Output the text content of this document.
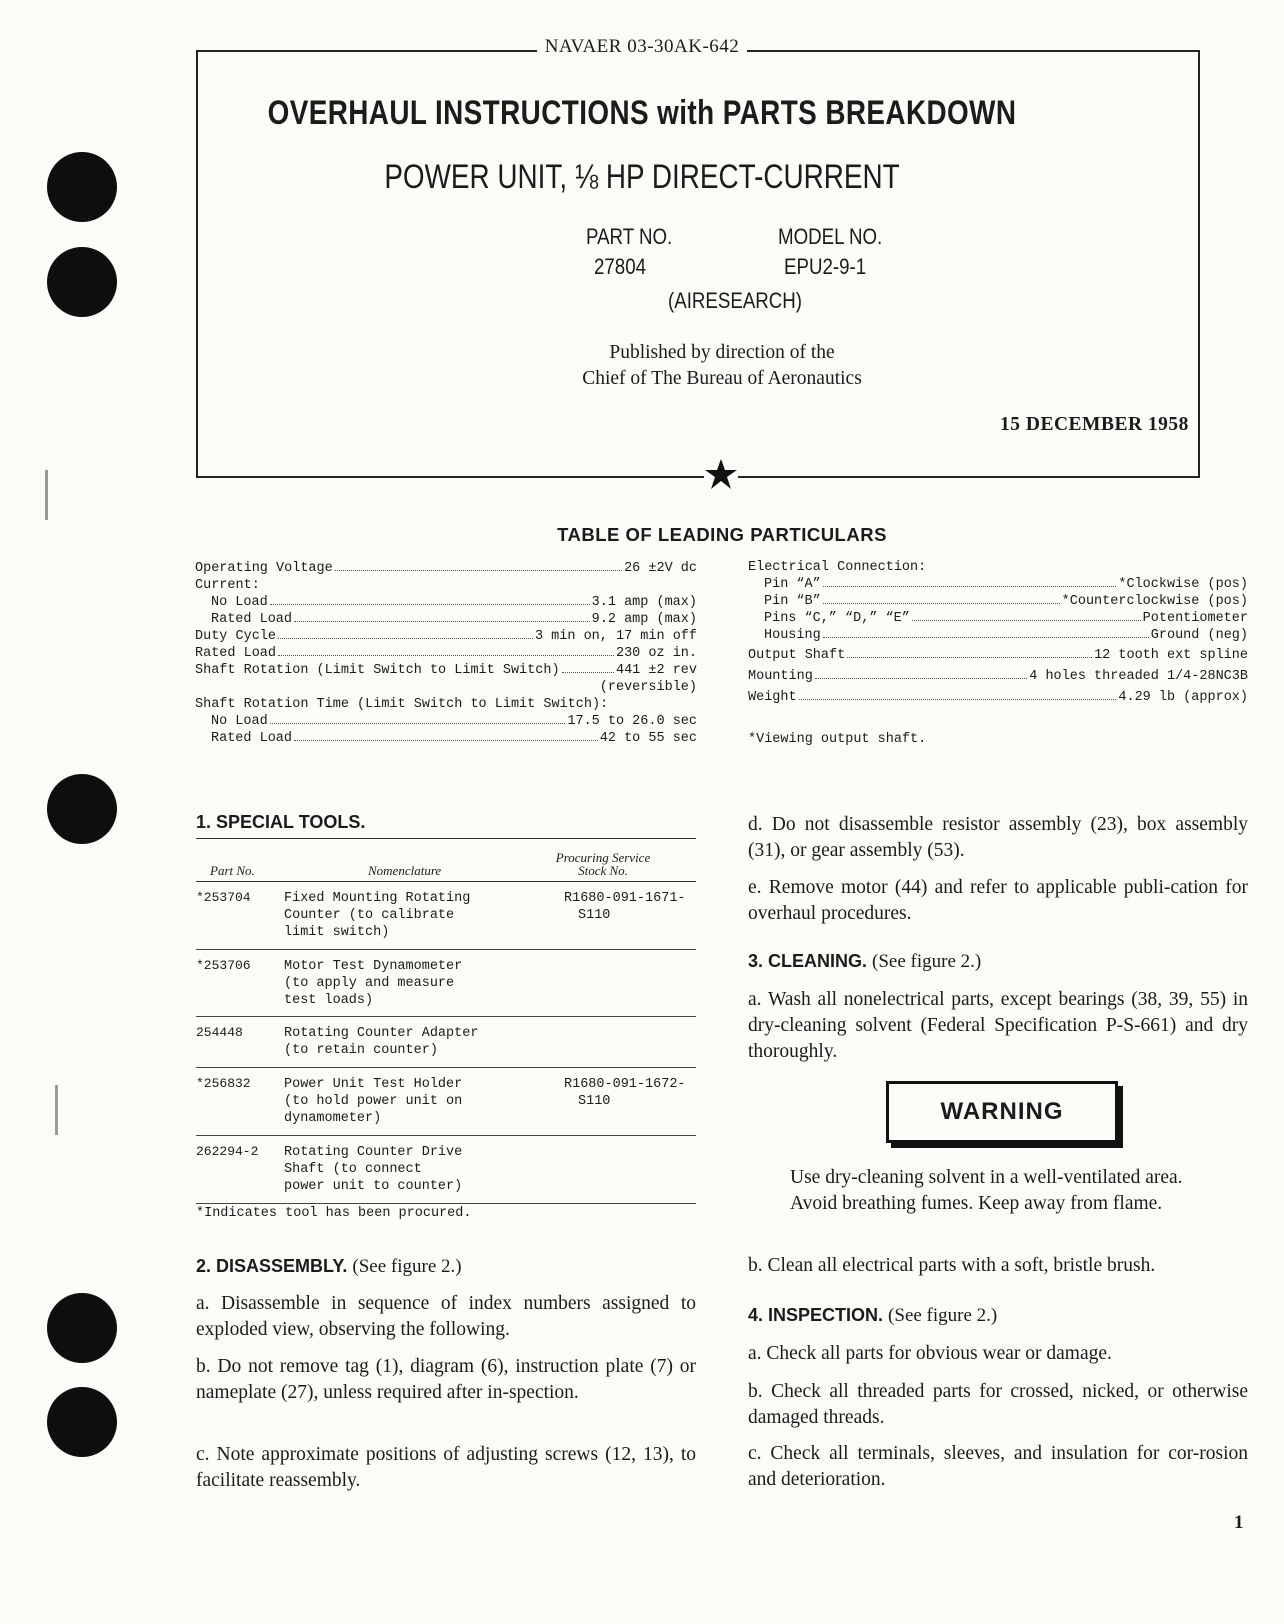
NAVAER 03-30AK-642
OVERHAUL INSTRUCTIONS with PARTS BREAKDOWN
POWER UNIT, ⅛ HP DIRECT-CURRENT
PART NO.
27804
MODEL NO.
EPU2-9-1
(AIRESEARCH)
Published by direction of the
Chief of The Bureau of Aeronautics
15 DECEMBER 1958
TABLE OF LEADING PARTICULARS
Operating Voltage	26 ±2V dc
Current:
No Load	3.1 amp (max)
Rated Load	9.2 amp (max)
Duty Cycle	3 min on, 17 min off
Rated Load	230 oz in.
Shaft Rotation (Limit Switch to Limit Switch)	441 ±2 rev
(reversible)
Shaft Rotation Time (Limit Switch to Limit Switch):
No Load	17.5 to 26.0 sec
Rated Load	42 to 55 sec
Electrical Connection:
Pin “A”	*Clockwise (pos)
Pin “B”	*Counterclockwise (pos)
Pins “C,” “D,” “E”	Potentiometer
Housing	Ground (neg)
Output Shaft	12 tooth ext spline
Mounting	4 holes threaded 1/4-28NC3B
Weight	4.29 lb (approx)
*Viewing output shaft.
1. SPECIAL TOOLS.
Part No.	Nomenclature
Procuring Service
Stock No.
*253704 Fixed Mounting Rotating
Counter (to calibrate
limit switch)
R1680-091-1671-
S110
*253706 Motor Test Dynamometer
(to apply and measure
test loads)
254448	Rotating Counter Adapter
(to retain counter)
*256832 Power Unit Test Holder
(to hold power unit on
dynamometer)
R1680-091-1672-
S110
262294-2 Rotating Counter Drive
Shaft (to connect
power unit to counter)
*Indicates tool has been procured.
2. DISASSEMBLY. (See figure 2.)
a. Disassemble in sequence of index numbers assigned to exploded view, observing the following.
b. Do not remove tag (1), diagram (6), instruction plate (7) or nameplate (27), unless required after in-spection.
c. Note approximate positions of adjusting screws (12, 13), to facilitate reassembly.
d. Do not disassemble resistor assembly (23), box assembly (31), or gear assembly (53).
e. Remove motor (44) and refer to applicable publi-cation for overhaul procedures.
3. CLEANING. (See figure 2.)
a. Wash all nonelectrical parts, except bearings (38, 39, 55) in dry-cleaning solvent (Federal Specification P-S-661) and dry thoroughly.
WARNING
Use dry-cleaning solvent in a well-ventilated area. Avoid breathing fumes. Keep away from flame.
b. Clean all electrical parts with a soft, bristle brush.
4. INSPECTION. (See figure 2.)
a. Check all parts for obvious wear or damage.
b. Check all threaded parts for crossed, nicked, or otherwise damaged threads.
c. Check all terminals, sleeves, and insulation for cor-rosion and deterioration.
1
